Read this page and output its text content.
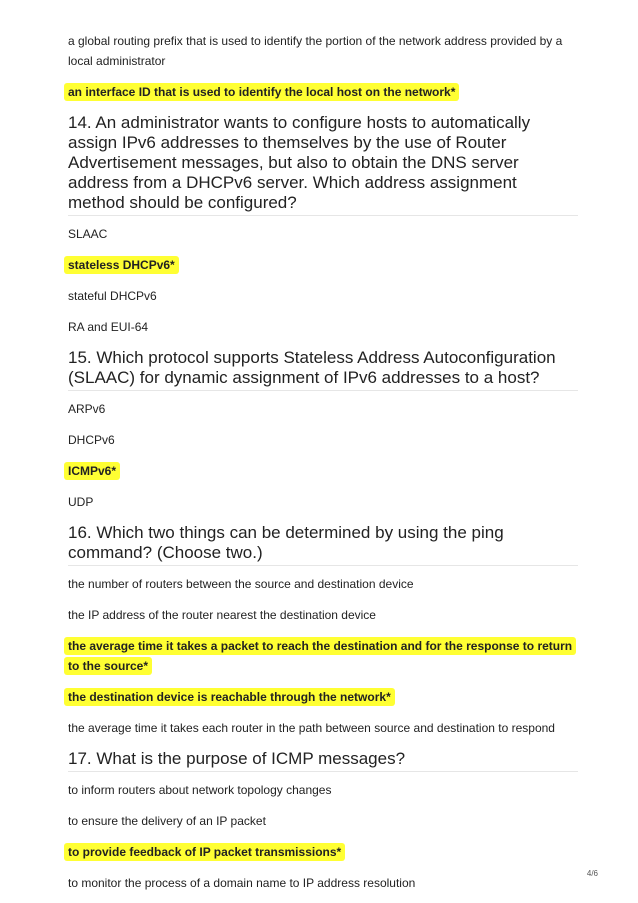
a global routing prefix that is used to identify the portion of the network address provided by a local administrator
an interface ID that is used to identify the local host on the network*
14. An administrator wants to configure hosts to automatically assign IPv6 addresses to themselves by the use of Router Advertisement messages, but also to obtain the DNS server address from a DHCPv6 server. Which address assignment method should be configured?
SLAAC
stateless DHCPv6*
stateful DHCPv6
RA and EUI-64
15. Which protocol supports Stateless Address Autoconfiguration (SLAAC) for dynamic assignment of IPv6 addresses to a host?
ARPv6
DHCPv6
ICMPv6*
UDP
16. Which two things can be determined by using the ping command? (Choose two.)
the number of routers between the source and destination device
the IP address of the router nearest the destination device
the average time it takes a packet to reach the destination and for the response to return to the source*
the destination device is reachable through the network*
the average time it takes each router in the path between source and destination to respond
17. What is the purpose of ICMP messages?
to inform routers about network topology changes
to ensure the delivery of an IP packet
to provide feedback of IP packet transmissions*
to monitor the process of a domain name to IP address resolution
4/6
